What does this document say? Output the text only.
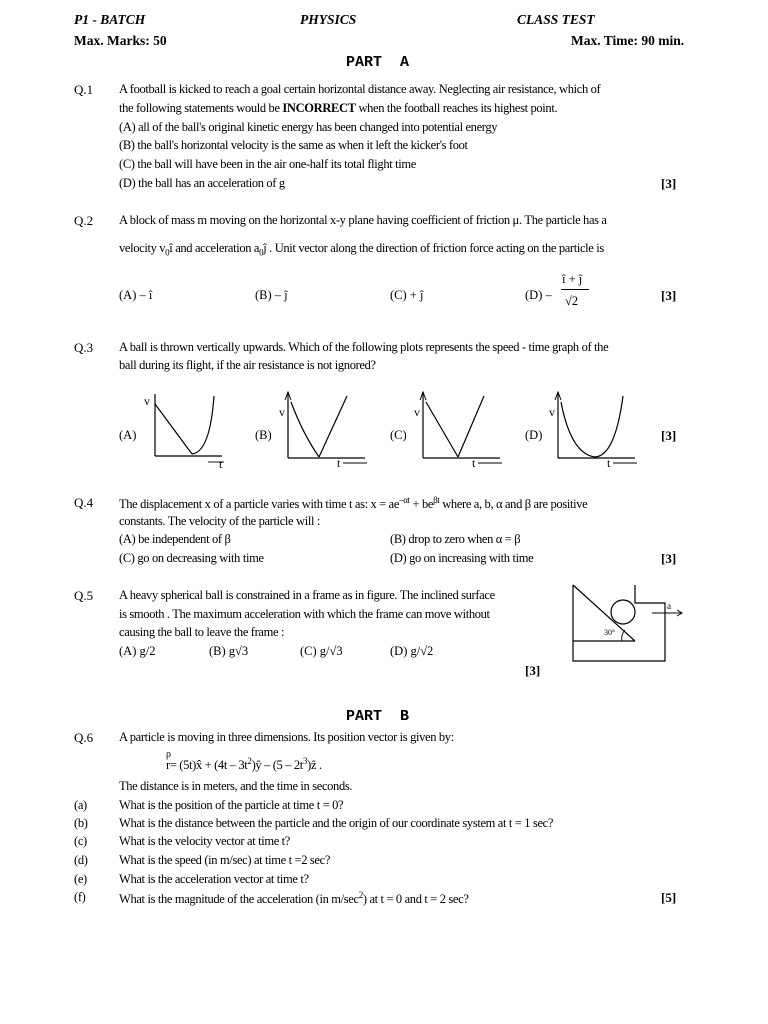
P1 - BATCH	PHYSICS	CLASS TEST
Max. Marks: 50	Max. Time: 90 min.
PART  A
Q.1 A football is kicked to reach a goal certain horizontal distance away. Neglecting air resistance, which of
the following statements would be INCORRECT when the football reaches its highest point.
(A) all of the ball's original kinetic energy has been changed into potential energy
(B) the ball's horizontal velocity is the same as when it left the kicker's foot
(C) the ball will have been in the air one-half its total flight time
(D) the ball has an acceleration of g	[3]
Q.2 A block of mass m moving on the horizontal x-y plane having coefficient of friction μ. The particle has a
velocity $v_0î$ and acceleration $a_0ĵ$ . Unit vector along the direction of friction force acting on the particle is
(A) – î	(B) – ĵ	(C) + ĵ	(D) –
î + ĵ
√2	[3]
Q.3 A ball is thrown vertically upwards. Which of the following plots represents the speed - time graph of the
ball during its flight, if the air resistance is not ignored?
(A)	(B)	(C)	(D)	[3]
v
t
v
t
v
t
v
t
Q.4 The displacement x of a particle varies with time t as: $x = ae^{-\alpha t} + be^{\beta t}$ where a, b, α and β are positive
constants. The velocity of the particle will :
(A) be independent of β	(B) drop to zero when α = β
(C) go on decreasing with time	(D) go on increasing with time	[3]
Q.5 A heavy spherical ball is constrained in a frame as in figure. The inclined surface
is smooth . The maximum acceleration with which the frame can move without
causing the ball to leave the frame :
(A) g/2	(B) g√3	(C) g/√3	(D) g/√2
[3]
30°
a
PART  B
Q.6 A particle is moving in three dimensions. Its position vector is given by:
ρ
r= (5t)x̂ + $(4t - 3t^2)ŷ - (5$ – $2t^3)ẑ$ .
The distance is in meters, and the time in seconds.
(a)	What is the position of the particle at time t = 0?
(b)	What is the distance between the particle and the origin of our coordinate system at t = 1 sec?
(c)	What is the velocity vector at time t?
(d)	What is the speed (in m/sec) at time t =2 sec?
(e)	What is the acceleration vector at time t?
(f)	What is the magnitude of the acceleration (in $m/\sec^2$) at t = 0 and t = 2 sec?	[5]
